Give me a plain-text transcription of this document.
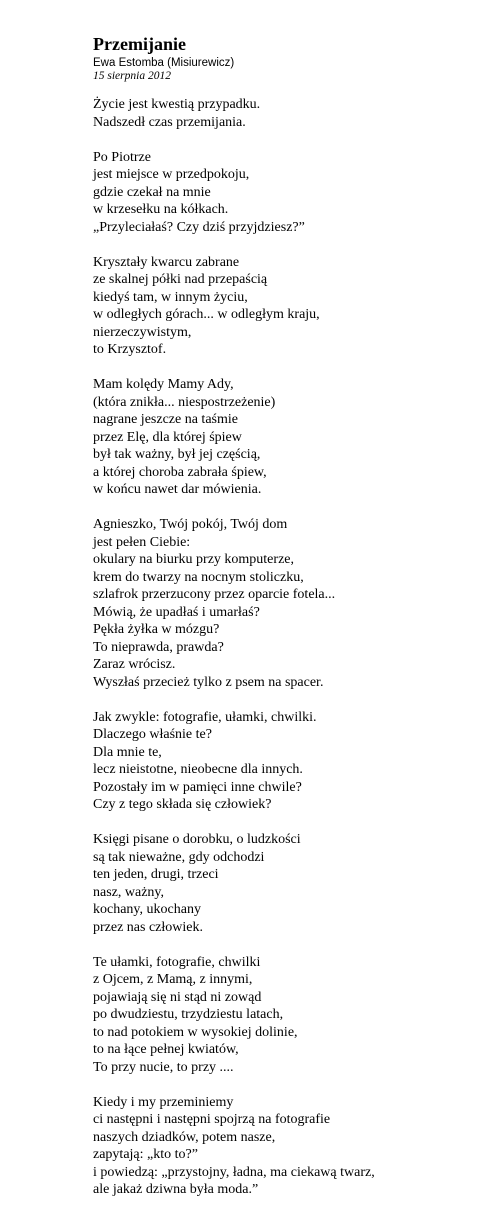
Przemijanie
Ewa Estomba (Misiurewicz)
15 sierpnia 2012
Życie jest kwestią przypadku.
Nadszedł czas przemijania.
Po Piotrze
jest miejsce w przedpokoju,
gdzie czekał na mnie
w krzesełku na kółkach.
„Przyleciałaś? Czy dziś przyjdziesz?”
Kryształy kwarcu zabrane
ze skalnej półki nad przepaścią
kiedyś tam, w innym życiu,
w odległych górach... w odległym kraju,
nierzeczywistym,
to Krzysztof.
Mam kolędy Mamy Ady,
(która znikła... niespostrzeżenie)
nagrane jeszcze na taśmie
przez Elę, dla której śpiew
był tak ważny, był jej częścią,
a której choroba zabrała śpiew,
w końcu nawet dar mówienia.
Agnieszko, Twój pokój, Twój dom
jest pełen Ciebie:
okulary na biurku przy komputerze,
krem do twarzy na nocnym stoliczku,
szlafrok przerzucony przez oparcie fotela...
Mówią, że upadłaś i umarłaś?
Pękła żyłka w mózgu?
To nieprawda, prawda?
Zaraz wrócisz.
Wyszłaś przecież tylko z psem na spacer.
Jak zwykle: fotografie, ułamki, chwilki.
Dlaczego właśnie te?
Dla mnie te,
lecz nieistotne, nieobecne dla innych.
Pozostały im w pamięci inne chwile?
Czy z tego składa się człowiek?
Księgi pisane o dorobku, o ludzkości
są tak nieważne, gdy odchodzi
ten jeden, drugi, trzeci
nasz, ważny,
kochany, ukochany
przez nas człowiek.
Te ułamki, fotografie, chwilki
z Ojcem, z Mamą, z innymi,
pojawiają się ni stąd ni zowąd
po dwudziestu, trzydziestu latach,
to nad potokiem w wysokiej dolinie,
to na łące pełnej kwiatów,
To przy nucie, to przy ....
Kiedy i my przeminiemy
ci następni i następni spojrzą na fotografie
naszych dziadków, potem nasze,
zapytają: „kto to?”
i powiedzą: „przystojny, ładna, ma ciekawą twarz,
ale jakaż dziwna była moda.”
